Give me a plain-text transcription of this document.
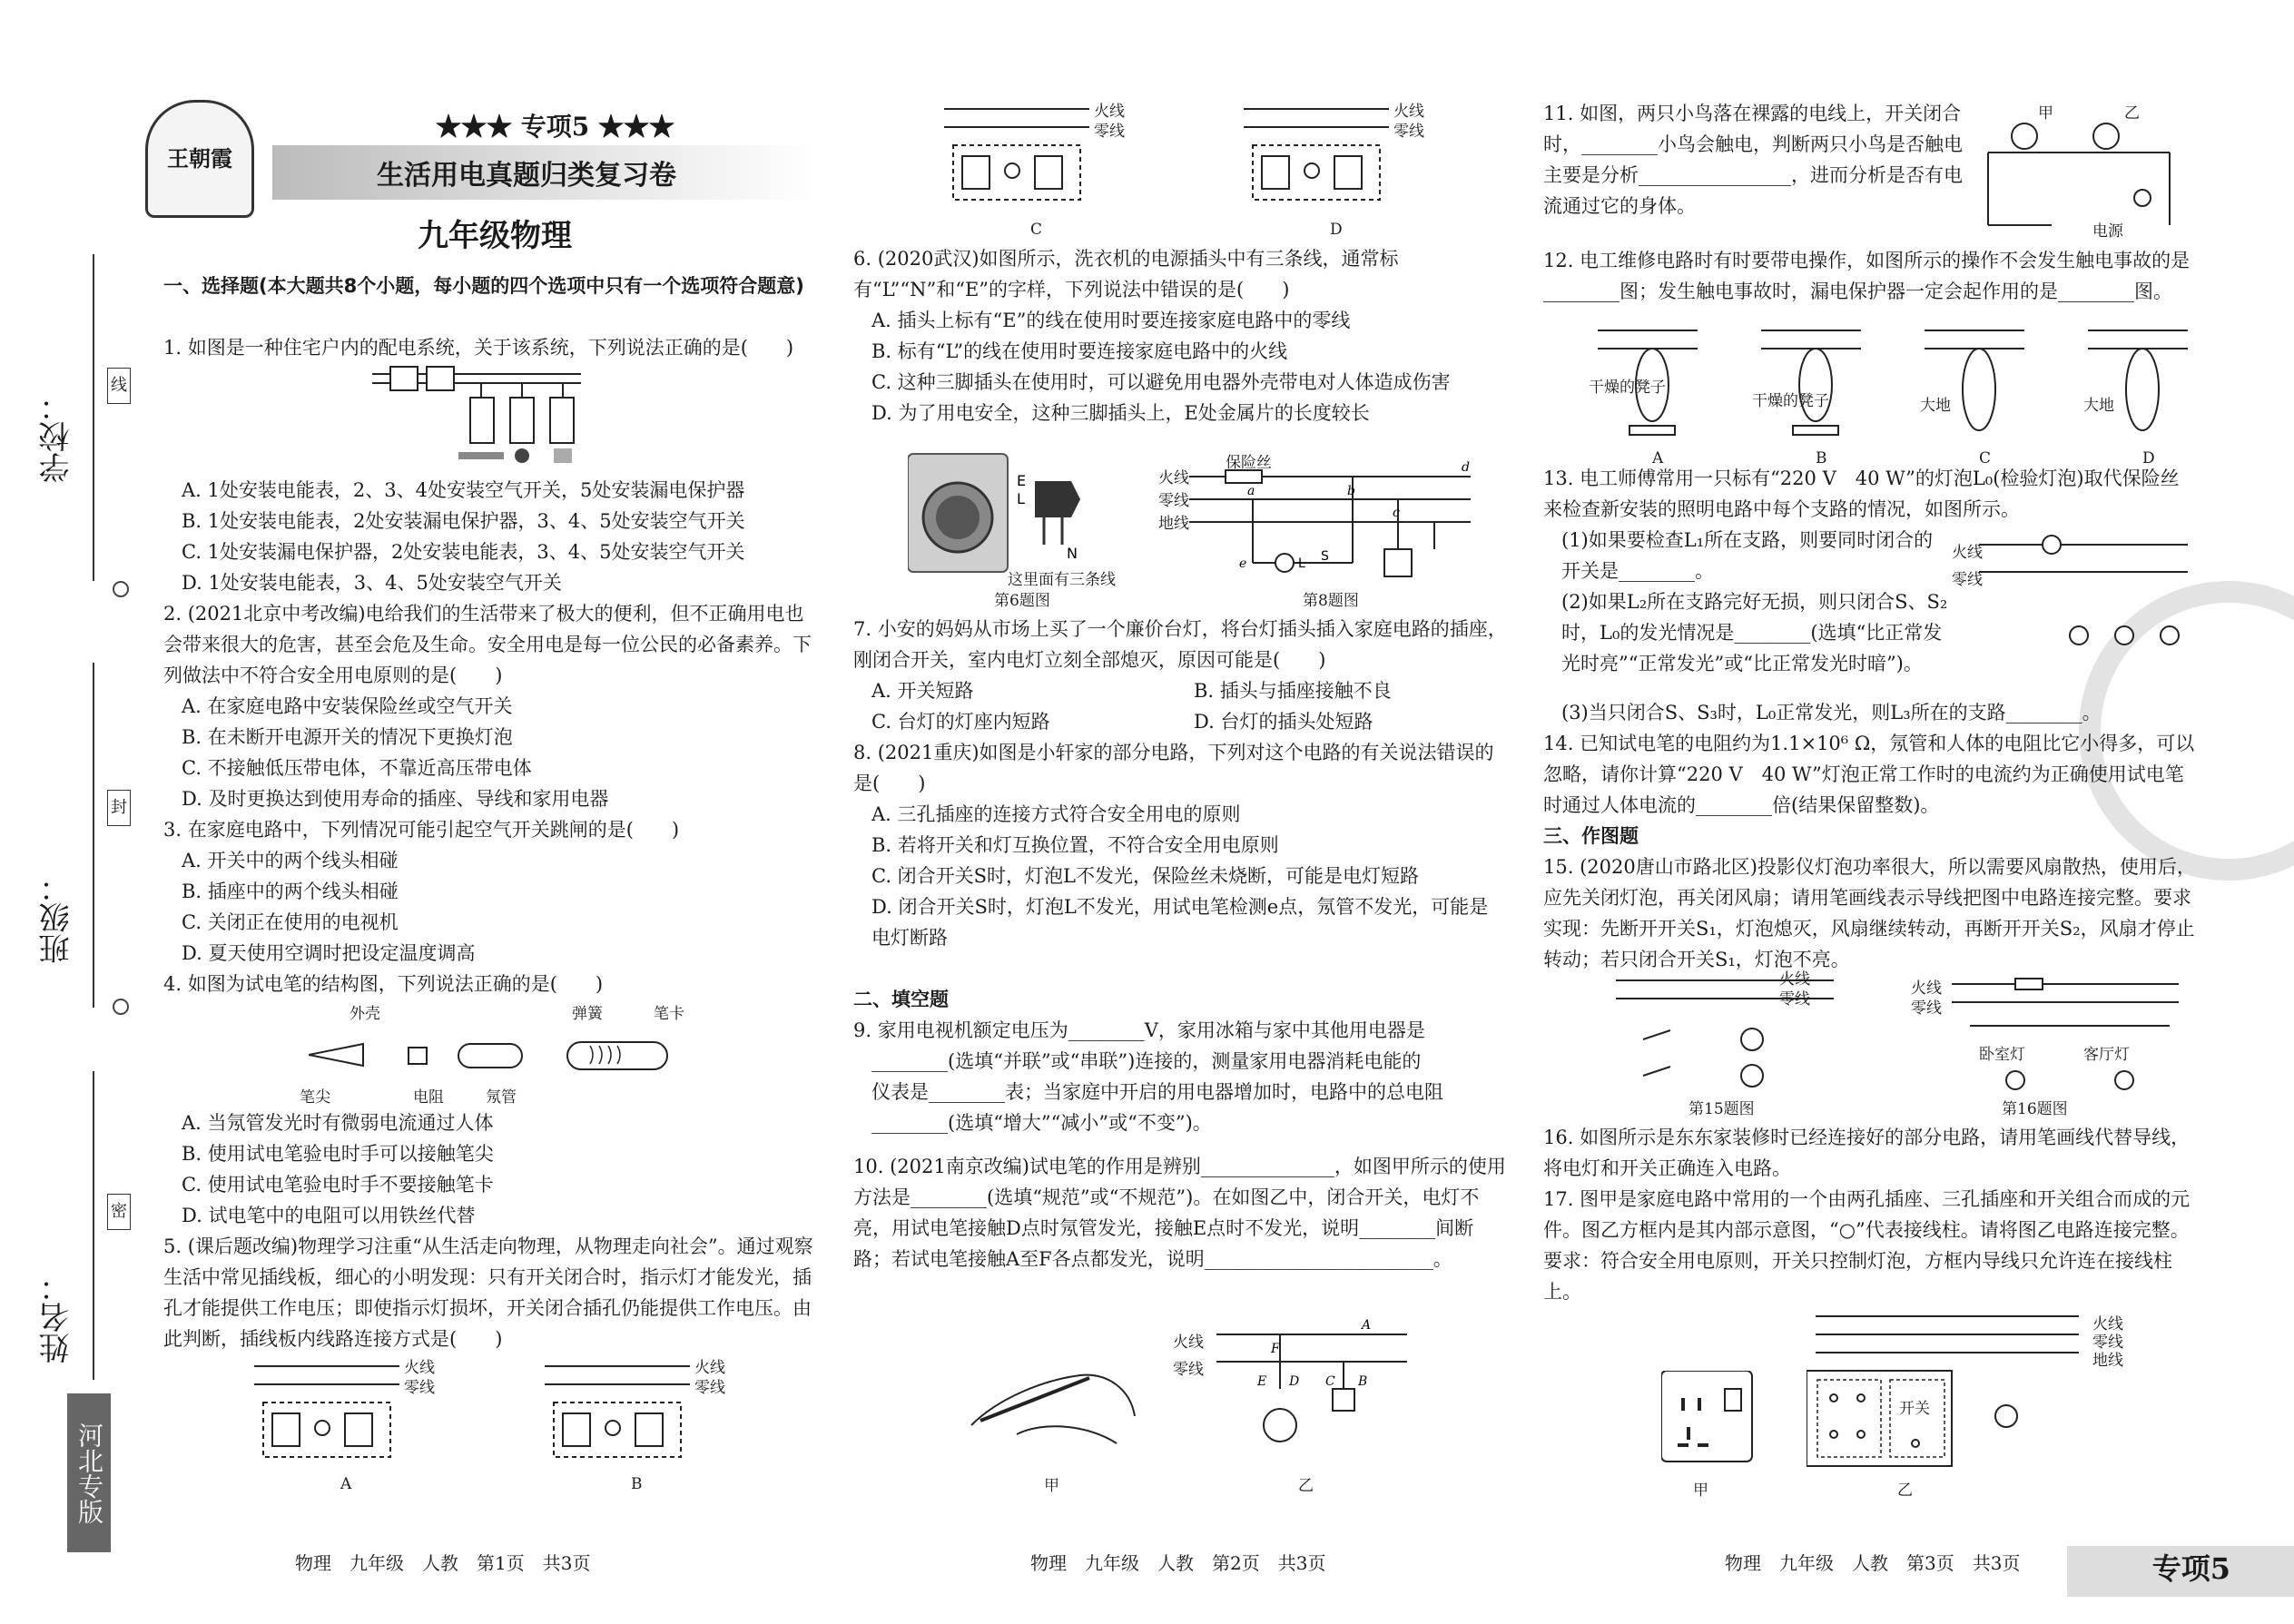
学校：
班级：
姓名：
线
封
密
河北专版
王朝霞
★★★ 专项5 ★★★
生活用电真题归类复习卷
九年级物理
一、选择题(本大题共8个小题，每小题的四个选项中只有一个选项符合题意)
1. 如图是一种住宅户内的配电系统，关于该系统，下列说法正确的是(　　)
A. 1处安装电能表，2、3、4处安装空气开关，5处安装漏电保护器
B. 1处安装电能表，2处安装漏电保护器，3、4、5处安装空气开关
C. 1处安装漏电保护器，2处安装电能表，3、4、5处安装空气开关
D. 1处安装电能表，3、4、5处安装空气开关
2. (2021北京中考改编)电给我们的生活带来了极大的便利，但不正确用电也会带来很大的危害，甚至会危及生命。安全用电是每一位公民的必备素养。下列做法中不符合安全用电原则的是(　　)
A. 在家庭电路中安装保险丝或空气开关
B. 在未断开电源开关的情况下更换灯泡
C. 不接触低压带电体，不靠近高压带电体
D. 及时更换达到使用寿命的插座、导线和家用电器
3. 在家庭电路中，下列情况可能引起空气开关跳闸的是(　　)
A. 开关中的两个线头相碰
B. 插座中的两个线头相碰
C. 关闭正在使用的电视机
D. 夏天使用空调时把设定温度调高
4. 如图为试电笔的结构图，下列说法正确的是(　　)
外壳	弹簧	笔卡
笔尖	电阻	氖管
A. 当氖管发光时有微弱电流通过人体
B. 使用试电笔验电时手可以接触笔尖
C. 使用试电笔验电时手不要接触笔卡
D. 试电笔中的电阻可以用铁丝代替
5. (课后题改编)物理学习注重“从生活走向物理，从物理走向社会”。通过观察生活中常见插线板，细心的小明发现：只有开关闭合时，指示灯才能发光，插孔才能提供工作电压；即使指示灯损坏，开关闭合插孔仍能提供工作电压。由此判断，插线板内线路连接方式是(　　)
火线
零线
A
火线
零线
B
物理　九年级　人教　第1页　共3页
火线
零线
C
火线
零线
D
6. (2020武汉)如图所示，洗衣机的电源插头中有三条线，通常标有“L”“N”和“E”的字样，下列说法中错误的是(　　)
A. 插头上标有“E”的线在使用时要连接家庭电路中的零线
B. 标有“L”的线在使用时要连接家庭电路中的火线
C. 这种三脚插头在使用时，可以避免用电器外壳带电对人体造成伤害
D. 为了用电安全，这种三脚插头上，E处金属片的长度较长
E
L
N
这里面有三条线
第6题图
a	b
c
d
e	L S
火线
零线
地线
保险丝
第8题图
7. 小安的妈妈从市场上买了一个廉价台灯，将台灯插头插入家庭电路的插座，刚闭合开关，室内电灯立刻全部熄灭，原因可能是(　　)
A. 开关短路	B. 插头与插座接触不良
C. 台灯的灯座内短路	D. 台灯的插头处短路
8. (2021重庆)如图是小轩家的部分电路，下列对这个电路的有关说法错误的是(　　)
A. 三孔插座的连接方式符合安全用电的原则
B. 若将开关和灯互换位置，不符合安全用电原则
C. 闭合开关S时，灯泡L不发光，保险丝未烧断，可能是电灯短路
D. 闭合开关S时，灯泡L不发光，用试电笔检测e点，氖管不发光，可能是电灯断路
二、填空题
9. 家用电视机额定电压为________V，家用冰箱与家中其他用电器是
________(选填“并联”或“串联”)连接的，测量家用电器消耗电能的
仪表是________表；当家庭中开启的用电器增加时，电路中的总电阻
________(选填“增大”“减小”或“不变”)。
10. (2021南京改编)试电笔的作用是辨别______________，如图甲所示的使用方法是________(选填“规范”或“不规范”)。在如图乙中，闭合开关，电灯不亮，用试电笔接触D点时氖管发光，接触E点时不发光，说明________间断路；若试电笔接触A至F各点都发光，说明________________________。
甲
A
F
E D C B
火线
零线
乙
物理　九年级　人教　第2页　共3页
11. 如图，两只小鸟落在裸露的电线上，开关闭合时，________小鸟会触电，判断两只小鸟是否触电主要是分析________________，进而分析是否有电流通过它的身体。
甲	乙
电源
12. 电工维修电路时有时要带电操作，如图所示的操作不会发生触电事故的是________图；发生触电事故时，漏电保护器一定会起作用的是________图。
A	B	C	D
干燥的凳子
干燥的凳子	大地	大地
13. 电工师傅常用一只标有“220 V　40 W”的灯泡L₀(检验灯泡)取代保险丝来检查新安装的照明电路中每个支路的情况，如图所示。
(1)如果要检查L₁所在支路，则要同时闭合的开关是________。
(2)如果L₂所在支路完好无损，则只闭合S、S₂时，L₀的发光情况是________(选填“比正常发光时亮”“正常发光”或“比正常发光时暗”)。
火线
零线
(3)当只闭合S、S₃时，L₀正常发光，则L₃所在的支路________。
14. 已知试电笔的电阻约为1.1×10⁶ Ω，氖管和人体的电阻比它小得多，可以忽略，请你计算“220 V　40 W”灯泡正常工作时的电流约为正确使用试电笔时通过人体电流的________倍(结果保留整数)。
三、作图题
15. (2020唐山市路北区)投影仪灯泡功率很大，所以需要风扇散热，使用后，应先关闭灯泡，再关闭风扇；请用笔画线表示导线把图中电路连接完整。要求实现：先断开开关S₁，灯泡熄灭，风扇继续转动，再断开开关S₂，风扇才停止转动；若只闭合开关S₁，灯泡不亮。
火线
零线
第15题图
火线
零线
卧室灯	客厅灯
第16题图
16. 如图所示是东东家装修时已经连接好的部分电路，请用笔画线代替导线，将电灯和开关正确连入电路。
17. 图甲是家庭电路中常用的一个由两孔插座、三孔插座和开关组合而成的元件。图乙方框内是其内部示意图，“○”代表接线柱。请将图乙电路连接完整。要求：符合安全用电原则，开关只控制灯泡，方框内导线只允许连在接线柱上。
甲
火线
零线
地线
开关
乙
物理　九年级　人教　第3页　共3页	专项5
